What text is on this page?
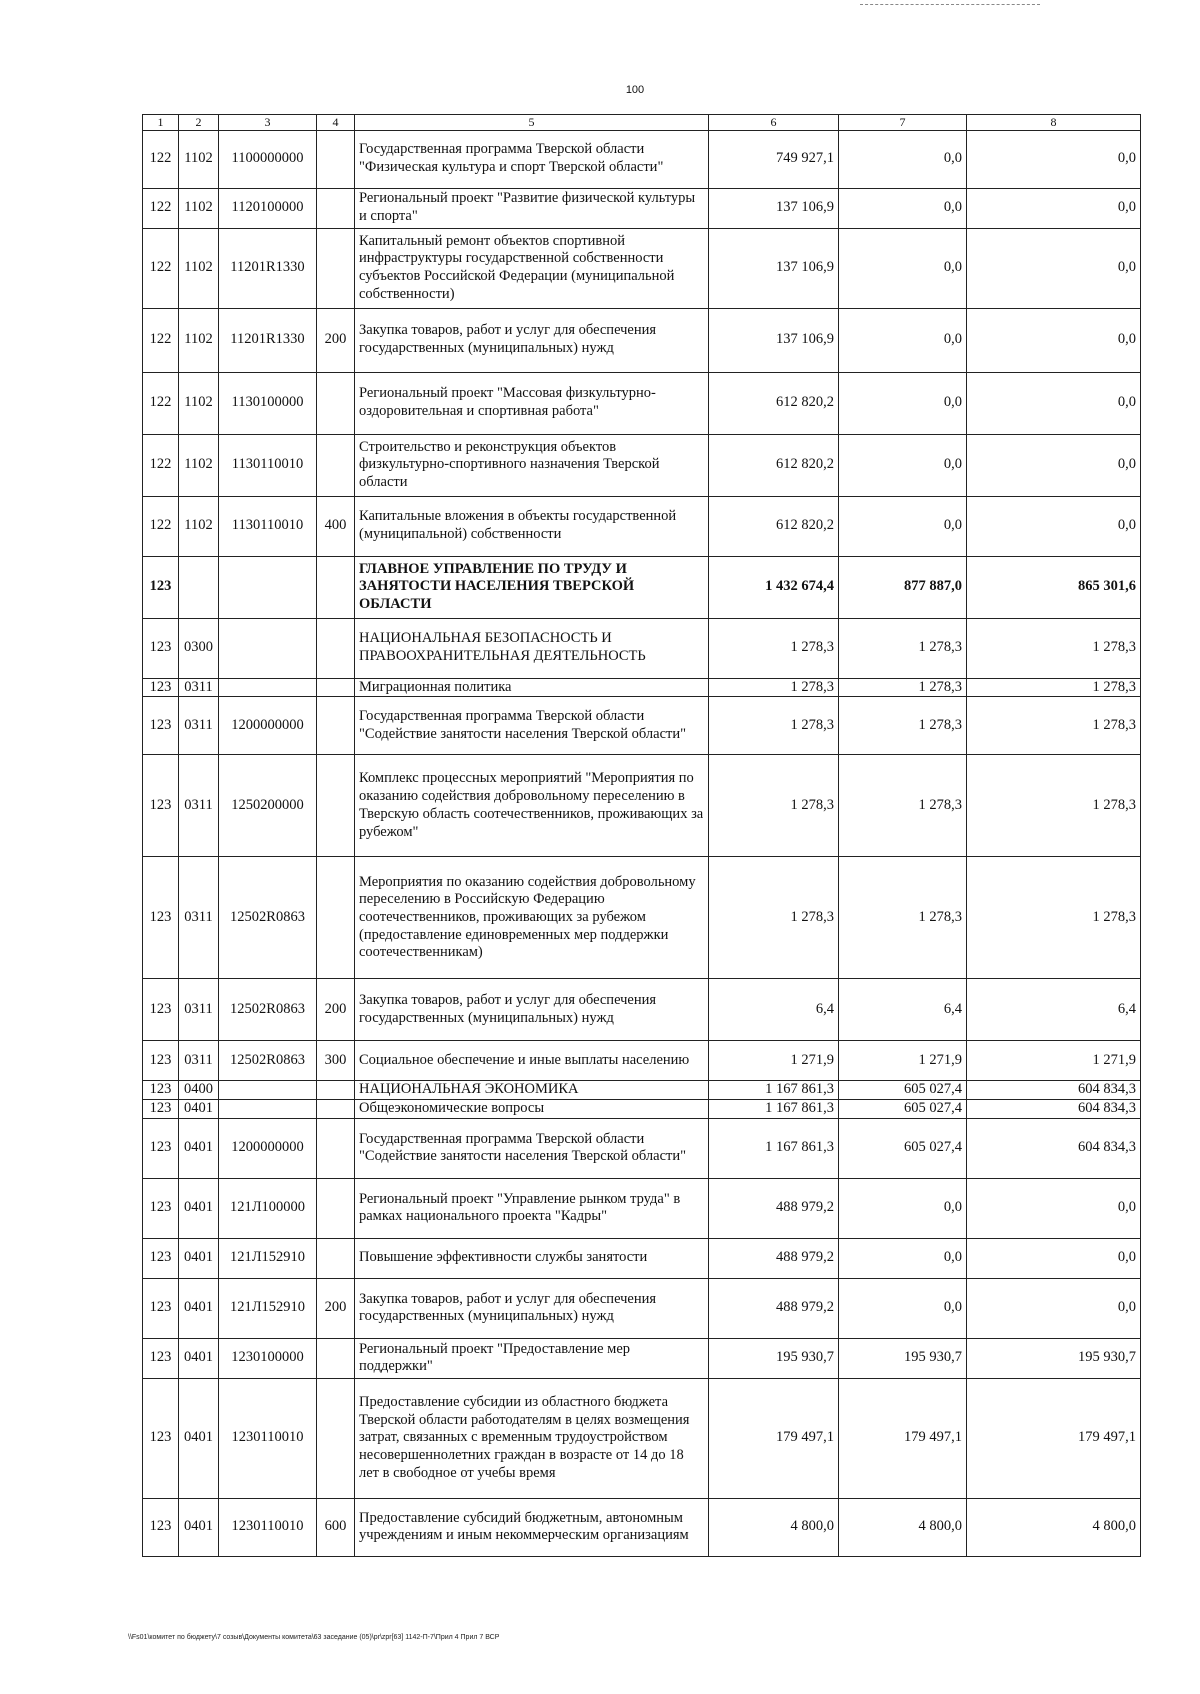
100
1	2	3	4	5	6	7	8
122	1102	1100000000		Государственная программа Тверской области "Физическая культура и спорт Тверской области"	749 927,1	0,0	0,0
122	1102	1120100000		Региональный проект "Развитие физической культуры и спорта"	137 106,9	0,0	0,0
122	1102	11201R1330		Капитальный ремонт объектов спортивной инфраструктуры государственной собственности субъектов Российской Федерации (муниципальной собственности)	137 106,9	0,0	0,0
122	1102	11201R1330	200	Закупка товаров, работ и услуг для обеспечения государственных (муниципальных) нужд	137 106,9	0,0	0,0
122	1102	1130100000		Региональный проект "Массовая физкультурно-оздоровительная и спортивная работа"	612 820,2	0,0	0,0
122	1102	1130110010		Строительство и реконструкция объектов физкультурно-спортивного назначения Тверской области	612 820,2	0,0	0,0
122	1102	1130110010	400	Капитальные вложения в объекты государственной (муниципальной) собственности	612 820,2	0,0	0,0
123				ГЛАВНОЕ УПРАВЛЕНИЕ ПО ТРУДУ И ЗАНЯТОСТИ НАСЕЛЕНИЯ ТВЕРСКОЙ ОБЛАСТИ	1 432 674,4	877 887,0	865 301,6
123	0300			НАЦИОНАЛЬНАЯ БЕЗОПАСНОСТЬ И ПРАВООХРАНИТЕЛЬНАЯ ДЕЯТЕЛЬНОСТЬ	1 278,3	1 278,3	1 278,3
123	0311			Миграционная политика	1 278,3	1 278,3	1 278,3
123	0311	1200000000		Государственная программа Тверской области "Содействие занятости населения Тверской области"	1 278,3	1 278,3	1 278,3
123	0311	1250200000		Комплекс процессных мероприятий "Мероприятия по оказанию содействия добровольному переселению в Тверскую область соотечественников, проживающих за рубежом"	1 278,3	1 278,3	1 278,3
123	0311	12502R0863		Мероприятия по оказанию содействия добровольному переселению в Российскую Федерацию соотечественников, проживающих за рубежом (предоставление единовременных мер поддержки соотечественникам)	1 278,3	1 278,3	1 278,3
123	0311	12502R0863	200	Закупка товаров, работ и услуг для обеспечения государственных (муниципальных) нужд	6,4	6,4	6,4
123	0311	12502R0863	300	Социальное обеспечение и иные выплаты населению	1 271,9	1 271,9	1 271,9
123	0400			НАЦИОНАЛЬНАЯ ЭКОНОМИКА	1 167 861,3	605 027,4	604 834,3
123	0401			Общеэкономические вопросы	1 167 861,3	605 027,4	604 834,3
123	0401	1200000000		Государственная программа Тверской области "Содействие занятости населения Тверской области"	1 167 861,3	605 027,4	604 834,3
123	0401	121Л100000		Региональный проект "Управление рынком труда" в рамках национального проекта "Кадры"	488 979,2	0,0	0,0
123	0401	121Л152910		Повышение эффективности службы занятости	488 979,2	0,0	0,0
123	0401	121Л152910	200	Закупка товаров, работ и услуг для обеспечения государственных (муниципальных) нужд	488 979,2	0,0	0,0
123	0401	1230100000		Региональный проект "Предоставление мер поддержки"	195 930,7	195 930,7	195 930,7
123	0401	1230110010		Предоставление субсидии из областного бюджета Тверской области работодателям в целях возмещения затрат, связанных с временным трудоустройством несовершеннолетних граждан в возрасте от 14 до 18 лет в свободное от учебы время	179 497,1	179 497,1	179 497,1
123	0401	1230110010	600	Предоставление субсидий бюджетным, автономным учреждениям и иным некоммерческим организациям	4 800,0	4 800,0	4 800,0
\\Fs01\комитет по бюджету\7 созыв\Документы комитета\63 заседание (05)\pr\zpr[63] 1142-П-7\Прил 4 Прил 7 ВСР
